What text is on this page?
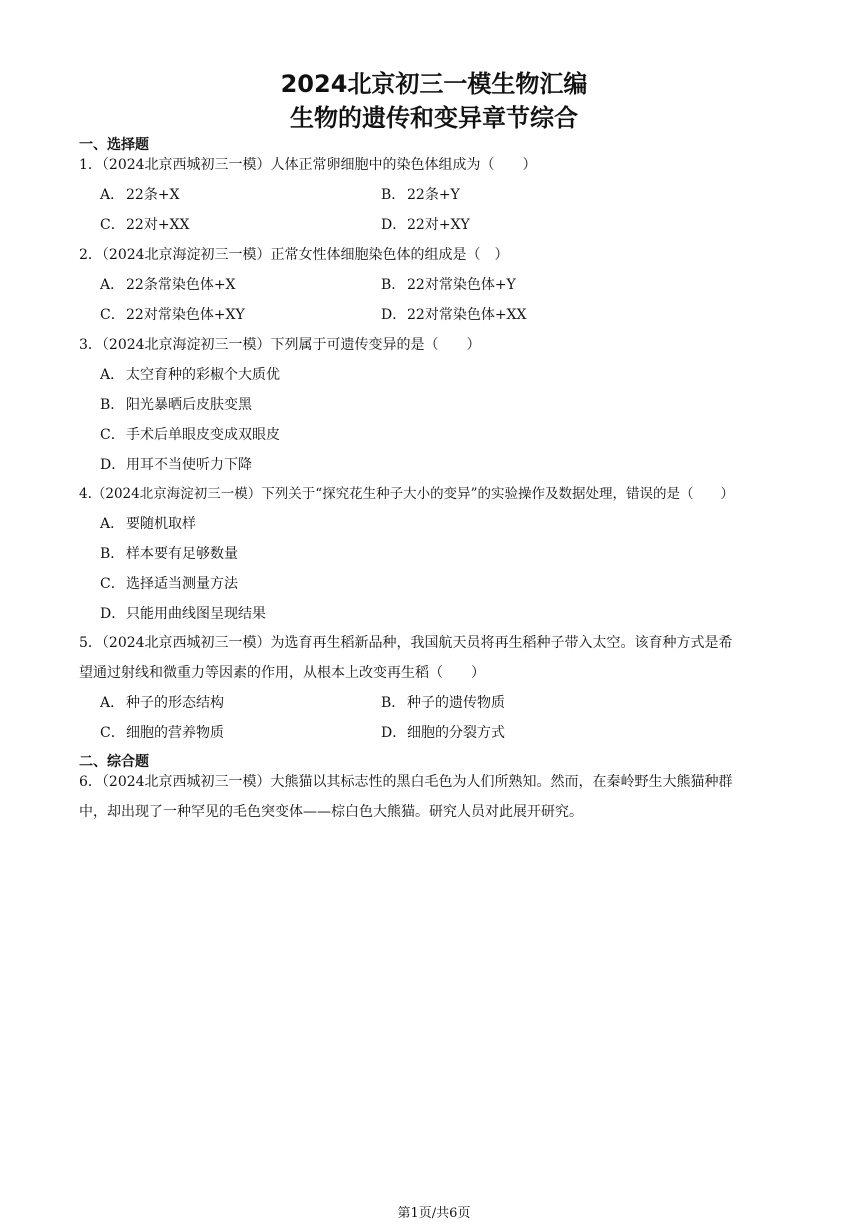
2024北京初三一模生物汇编
生物的遗传和变异章节综合
一、选择题
1．（2024北京西城初三一模）人体正常卵细胞中的染色体组成为（　　）
A． 22条+X	B． 22条+Y
C．22对+XX	D．22对+XY
2．（2024北京海淀初三一模）正常女性体细胞染色体的组成是（　）
A． 22条常染色体+X	B． 22对常染色体+Y
C．22对常染色体+XY	D．22对常染色体+XX
3．（2024北京海淀初三一模）下列属于可遗传变异的是（　　）
A． 太空育种的彩椒个大质优
B． 阳光暴晒后皮肤变黑
C．手术后单眼皮变成双眼皮
D．用耳不当使听力下降
4.（2024北京海淀初三一模）下列关于“探究花生种子大小的变异”的实验操作及数据处理，错误的是（　　）
A． 要随机取样
B． 样本要有足够数量
C．选择适当测量方法
D．只能用曲线图呈现结果
5．（2024北京西城初三一模）为选育再生稻新品种，我国航天员将再生稻种子带入太空。该育种方式是希
望通过射线和微重力等因素的作用，从根本上改变再生稻（　　）
A． 种子的形态结构	B． 种子的遗传物质
C．细胞的营养物质	D．细胞的分裂方式
二、综合题
6．（2024北京西城初三一模）大熊猫以其标志性的黑白毛色为人们所熟知。然而，在秦岭野生大熊猫种群
中，却出现了一种罕见的毛色突变体——棕白色大熊猫。研究人员对此展开研究。
第1页/共6页
